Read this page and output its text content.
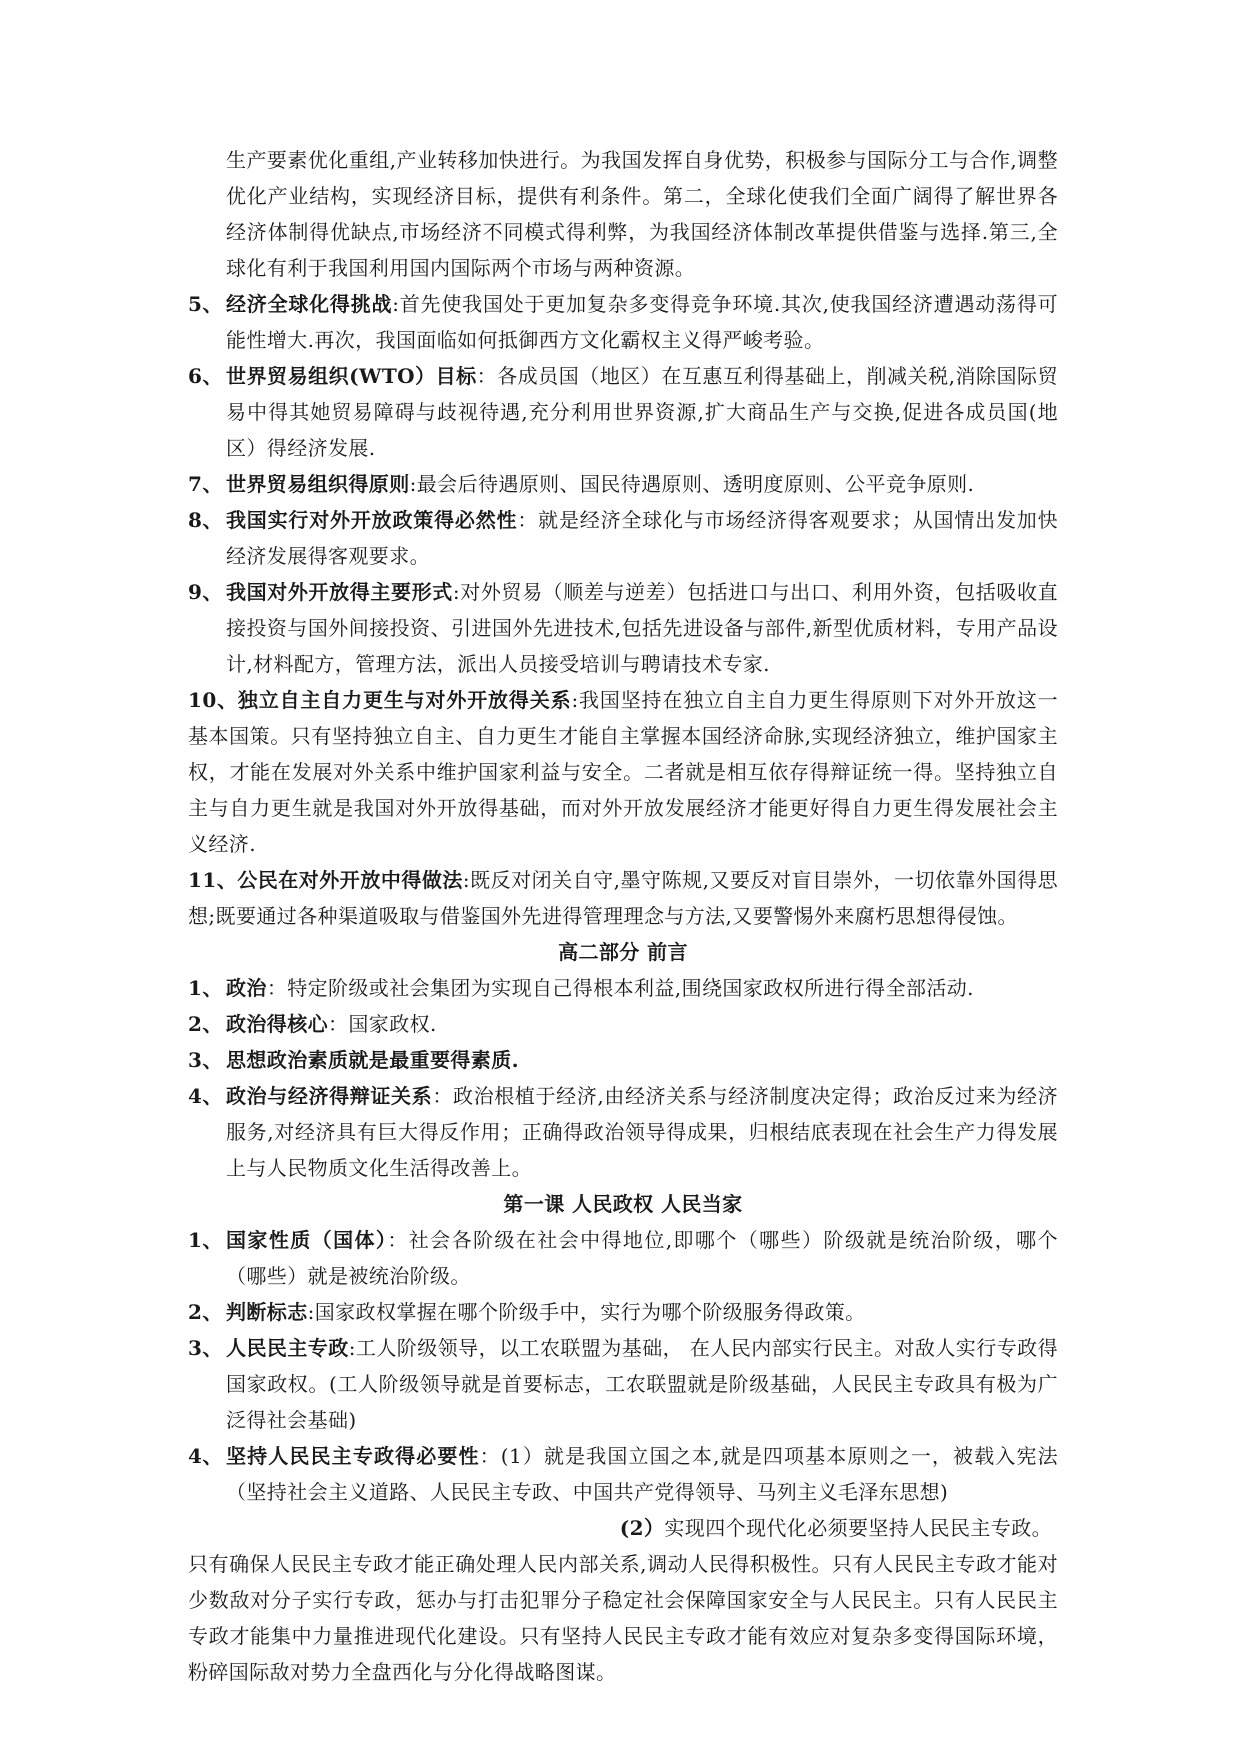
生产要素优化重组,产业转移加快进行。为我国发挥自身优势，积极参与国际分工与合作,调整优化产业结构，实现经济目标，提供有利条件。第二，全球化使我们全面广阔得了解世界各经济体制得优缺点,市场经济不同模式得利弊，为我国经济体制改革提供借鉴与选择.第三,全球化有利于我国利用国内国际两个市场与两种资源。

5、 经济全球化得挑战:首先使我国处于更加复杂多变得竞争环境.其次,使我国经济遭遇动荡得可能性增大.再次，我国面临如何抵御西方文化霸权主义得严峻考验。
6、 世界贸易组织(WTO）目标：各成员国（地区）在互惠互利得基础上，削减关税,消除国际贸易中得其她贸易障碍与歧视待遇,充分利用世界资源,扩大商品生产与交换,促进各成员国(地区）得经济发展.
7、 世界贸易组织得原则:最会后待遇原则、国民待遇原则、透明度原则、公平竞争原则.
8、 我国实行对外开放政策得必然性：就是经济全球化与市场经济得客观要求；从国情出发加快经济发展得客观要求。
9、 我国对外开放得主要形式:对外贸易（顺差与逆差）包括进口与出口、利用外资，包括吸收直接投资与国外间接投资、引进国外先进技术,包括先进设备与部件,新型优质材料，专用产品设计,材料配方，管理方法，派出人员接受培训与聘请技术专家.
10、独立自主自力更生与对外开放得关系:我国坚持在独立自主自力更生得原则下对外开放这一基本国策。只有坚持独立自主、自力更生才能自主掌握本国经济命脉,实现经济独立，维护国家主权，才能在发展对外关系中维护国家利益与安全。二者就是相互依存得辩证统一得。坚持独立自主与自力更生就是我国对外开放得基础，而对外开放发展经济才能更好得自力更生得发展社会主义经济.
11、公民在对外开放中得做法:既反对闭关自守,墨守陈规,又要反对盲目崇外，一切依靠外国得思想;既要通过各种渠道吸取与借鉴国外先进得管理理念与方法,又要警惕外来腐朽思想得侵蚀。

高二部分 前言

1、 政治：特定阶级或社会集团为实现自己得根本利益,围绕国家政权所进行得全部活动.
2、 政治得核心：国家政权.
3、 思想政治素质就是最重要得素质.
4、 政治与经济得辩证关系：政治根植于经济,由经济关系与经济制度决定得；政治反过来为经济服务,对经济具有巨大得反作用；正确得政治领导得成果，归根结底表现在社会生产力得发展上与人民物质文化生活得改善上。

第一课 人民政权 人民当家

1、 国家性质（国体）：社会各阶级在社会中得地位,即哪个（哪些）阶级就是统治阶级，哪个（哪些）就是被统治阶级。
2、 判断标志:国家政权掌握在哪个阶级手中，实行为哪个阶级服务得政策。
3、 人民民主专政:工人阶级领导，以工农联盟为基础， 在人民内部实行民主。对敌人实行专政得国家政权。(工人阶级领导就是首要标志，工农联盟就是阶级基础，人民民主专政具有极为广泛得社会基础)
4、 坚持人民民主专政得必要性：(1）就是我国立国之本,就是四项基本原则之一，被载入宪法（坚持社会主义道路、人民民主专政、中国共产党得领导、马列主义毛泽东思想)
(2）实现四个现代化必须要坚持人民民主专政。

只有确保人民民主专政才能正确处理人民内部关系,调动人民得积极性。只有人民民主专政才能对少数敌对分子实行专政，惩办与打击犯罪分子稳定社会保障国家安全与人民民主。只有人民民主专政才能集中力量推进现代化建设。只有坚持人民民主专政才能有效应对复杂多变得国际环境，粉碎国际敌对势力全盘西化与分化得战略图谋。
